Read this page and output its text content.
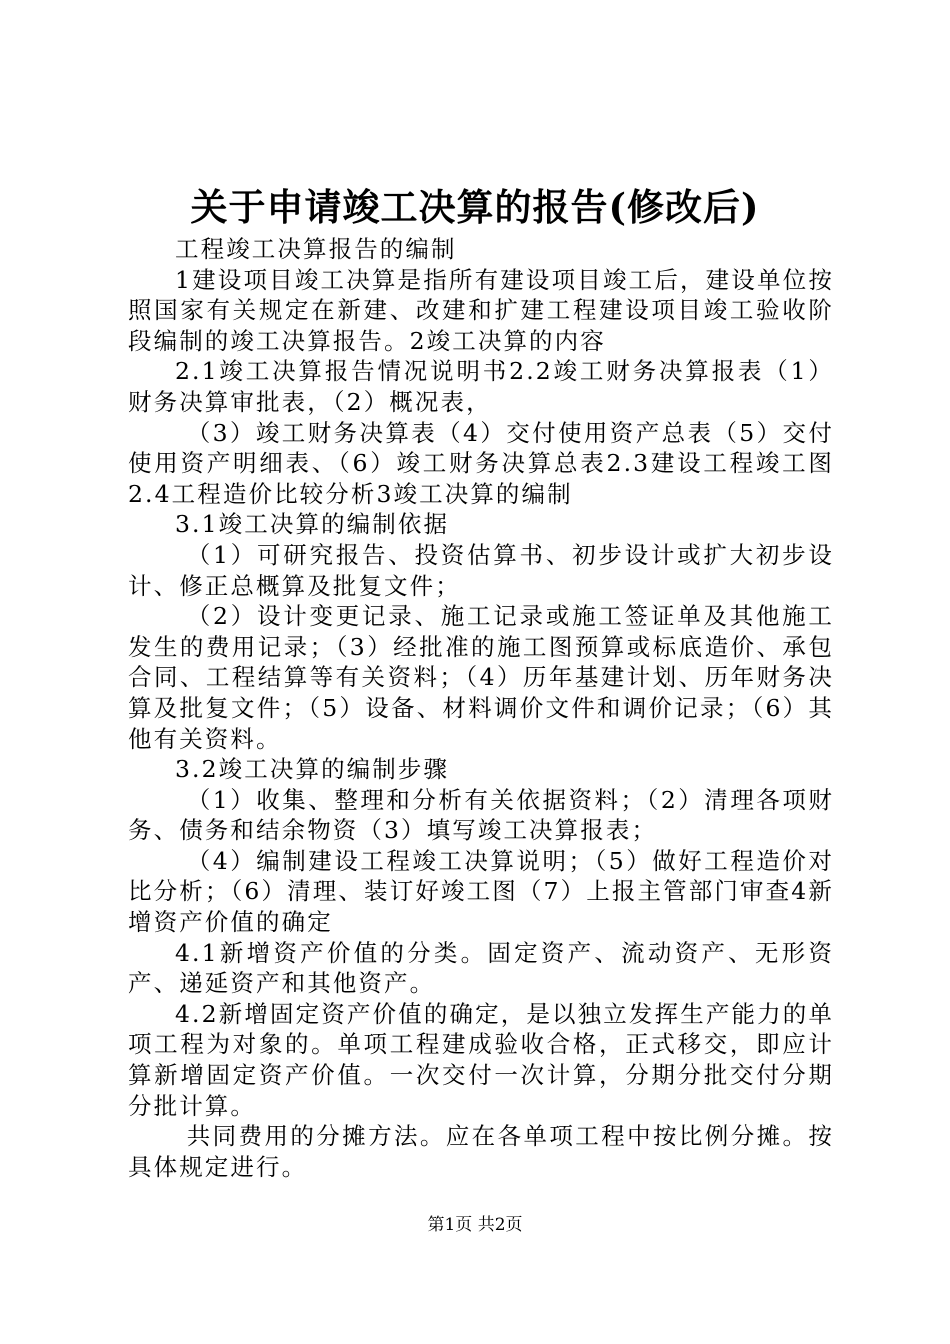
关于申请竣工决算的报告(修改后)

工程竣工决算报告的编制

1建设项目竣工决算是指所有建设项目竣工后，建设单位按照国家有关规定在新建、改建和扩建工程建设项目竣工验收阶段编制的竣工决算报告。2竣工决算的内容

2.1竣工决算报告情况说明书2.2竣工财务决算报表（1）财务决算审批表，（2）概况表，

（3）竣工财务决算表（4）交付使用资产总表（5）交付使用资产明细表、（6）竣工财务决算总表2.3建设工程竣工图2.4工程造价比较分析3竣工决算的编制

3.1竣工决算的编制依据

（1）可研究报告、投资估算书、初步设计或扩大初步设计、修正总概算及批复文件；

（2）设计变更记录、施工记录或施工签证单及其他施工发生的费用记录；（3）经批准的施工图预算或标底造价、承包合同、工程结算等有关资料；（4）历年基建计划、历年财务决算及批复文件；（5）设备、材料调价文件和调价记录；（6）其他有关资料。

3.2竣工决算的编制步骤

（1）收集、整理和分析有关依据资料；（2）清理各项财务、债务和结余物资（3）填写竣工决算报表；

（4）编制建设工程竣工决算说明；（5）做好工程造价对比分析；（6）清理、装订好竣工图（7）上报主管部门审查4新增资产价值的确定

4.1新增资产价值的分类。固定资产、流动资产、无形资产、递延资产和其他资产。

4.2新增固定资产价值的确定，是以独立发挥生产能力的单项工程为对象的。单项工程建成验收合格，正式移交，即应计算新增固定资产价值。一次交付一次计算，分期分批交付分期分批计算。

共同费用的分摊方法。应在各单项工程中按比例分摊。按具体规定进行。

第1页 共2页
